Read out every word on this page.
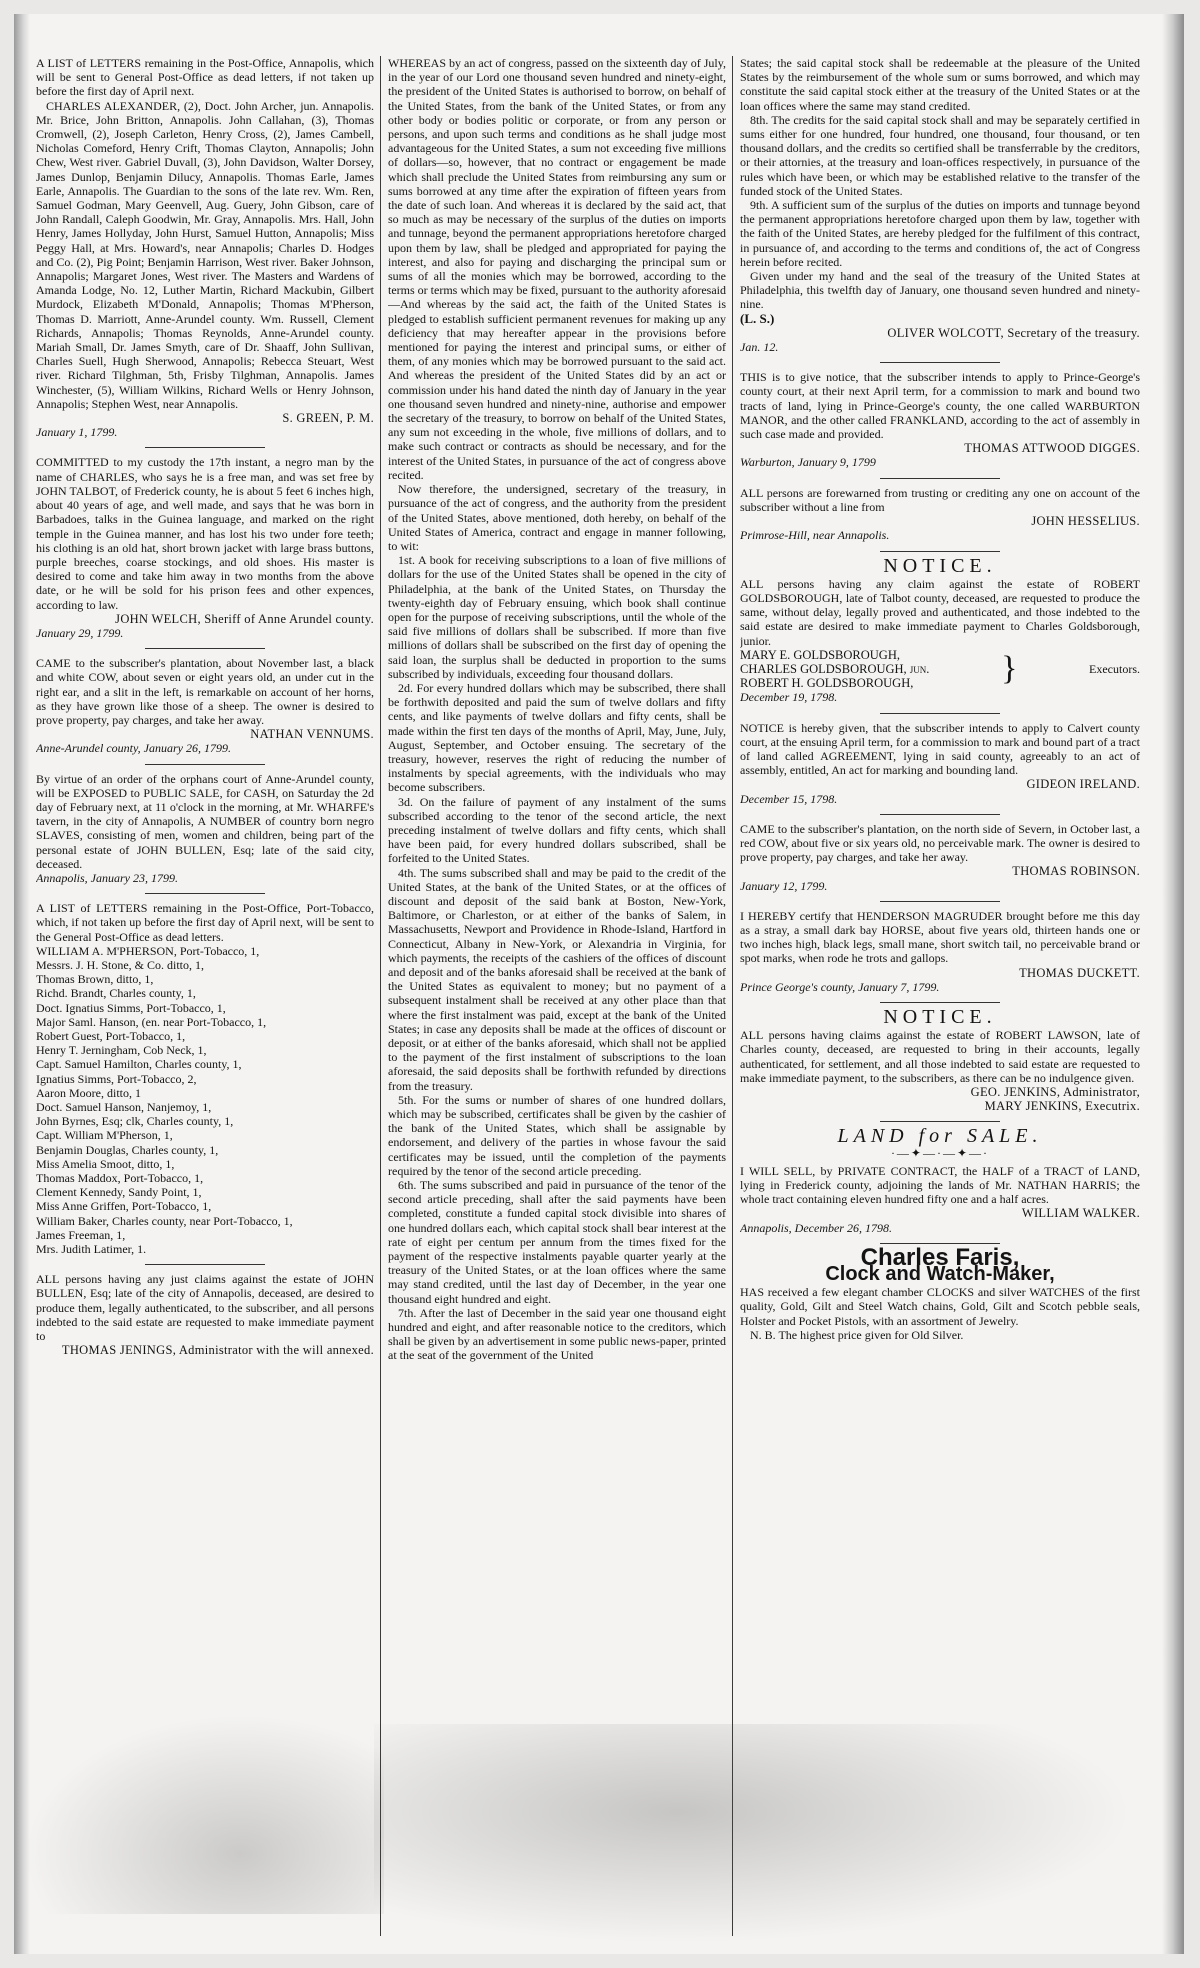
A LIST of LETTERS remaining in the Post-Office, Annapolis, which will be sent to General Post-Office as dead letters, if not taken up before the first day of April next.

CHARLES ALEXANDER, (2), Doct. John Archer, jun. Annapolis. Mr. Brice, John Britton, Annapolis. John Callahan, (3), Thomas Cromwell, (2), Joseph Carleton, Henry Cross, (2), James Cambell, Nicholas Comeford, Henry Crift, Thomas Clayton, Annapolis; John Chew, West river. Gabriel Duvall, (3), John Davidson, Walter Dorsey, James Dunlop, Benjamin Dilucy, Annapolis. Thomas Earle, James Earle, Annapolis. The Guardian to the sons of the late rev. Wm. Ren, Samuel Godman, Mary Geenvell, Aug. Guery, John Gibson, care of John Randall, Caleph Goodwin, Mr. Gray, Annapolis. Mrs. Hall, John Henry, James Hollyday, John Hurst, Samuel Hutton, Annapolis; Miss Peggy Hall, at Mrs. Howard's, near Annapolis; Charles D. Hodges and Co. (2), Pig Point; Benjamin Harrison, West river. Baker Johnson, Annapolis; Margaret Jones, West river. The Masters and Wardens of Amanda Lodge, No. 12, Luther Martin, Richard Mackubin, Gilbert Murdock, Elizabeth M'Donald, Annapolis; Thomas M'Pherson, Thomas D. Marriott, Anne-Arundel county. Wm. Russell, Clement Richards, Annapolis; Thomas Reynolds, Anne-Arundel county. Mariah Small, Dr. James Smyth, care of Dr. Shaaff, John Sullivan, Charles Suell, Hugh Sherwood, Annapolis; Rebecca Steuart, West river. Richard Tilghman, 5th, Frisby Tilghman, Annapolis. James Winchester, (5), William Wilkins, Richard Wells or Henry Johnson, Annapolis; Stephen West, near Annapolis.

S. GREEN, P. M.

January 1, 1799.

COMMITTED to my custody the 17th instant, a negro man by the name of CHARLES, who says he is a free man, and was set free by JOHN TALBOT, of Frederick county, he is about 5 feet 6 inches high, about 40 years of age, and well made, and says that he was born in Barbadoes, talks in the Guinea language, and marked on the right temple in the Guinea manner, and has lost his two under fore teeth; his clothing is an old hat, short brown jacket with large brass buttons, purple breeches, coarse stockings, and old shoes. His master is desired to come and take him away in two months from the above date, or he will be sold for his prison fees and other expences, according to law.

JOHN WELCH, Sheriff of Anne Arundel county.

January 29, 1799.

CAME to the subscriber's plantation, about November last, a black and white COW, about seven or eight years old, an under cut in the right ear, and a slit in the left, is remarkable on account of her horns, as they have grown like those of a sheep. The owner is desired to prove property, pay charges, and take her away.

NATHAN VENNUMS.

Anne-Arundel county, January 26, 1799.

By virtue of an order of the orphans court of Anne-Arundel county, will be EXPOSED to PUBLIC SALE, for CASH, on Saturday the 2d day of February next, at 11 o'clock in the morning, at Mr. WHARFE's tavern, in the city of Annapolis, A NUMBER of country born negro SLAVES, consisting of men, women and children, being part of the personal estate of JOHN BULLEN, Esq; late of the said city, deceased.

Annapolis, January 23, 1799.

A LIST of LETTERS remaining in the Post-Office, Port-Tobacco, which, if not taken up before the first day of April next, will be sent to the General Post-Office as dead letters.

WILLIAM A. M'PHERSON, Port-Tobacco, 1,

Messrs. J. H. Stone, & Co. ditto, 1,

Thomas Brown, ditto, 1,

Richd. Brandt, Charles county, 1,

Doct. Ignatius Simms, Port-Tobacco, 1,

Major Saml. Hanson, (en. near Port-Tobacco, 1,

Robert Guest, Port-Tobacco, 1,

Henry T. Jerningham, Cob Neck, 1,

Capt. Samuel Hamilton, Charles county, 1,

Ignatius Simms, Port-Tobacco, 2,

Aaron Moore, ditto, 1

Doct. Samuel Hanson, Nanjemoy, 1,

John Byrnes, Esq; clk, Charles county, 1,

Capt. William M'Pherson, 1,

Benjamin Douglas, Charles county, 1,

Miss Amelia Smoot, ditto, 1,

Thomas Maddox, Port-Tobacco, 1,

Clement Kennedy, Sandy Point, 1,

Miss Anne Griffen, Port-Tobacco, 1,

William Baker, Charles county, near Port-Tobacco, 1,

James Freeman, 1,

Mrs. Judith Latimer, 1.

ALL persons having any just claims against the estate of JOHN BULLEN, Esq; late of the city of Annapolis, deceased, are desired to produce them, legally authenticated, to the subscriber, and all persons indebted to the said estate are requested to make immediate payment to

THOMAS JENINGS, Administrator with the will annexed.

WHEREAS by an act of congress, passed on the sixteenth day of July, in the year of our Lord one thousand seven hundred and ninety-eight, the president of the United States is authorised to borrow, on behalf of the United States, from the bank of the United States, or from any other body or bodies politic or corporate, or from any person or persons, and upon such terms and conditions as he shall judge most advantageous for the United States, a sum not exceeding five millions of dollars—so, however, that no contract or engagement be made which shall preclude the United States from reimbursing any sum or sums borrowed at any time after the expiration of fifteen years from the date of such loan. And whereas it is declared by the said act, that so much as may be necessary of the surplus of the duties on imports and tunnage, beyond the permanent appropriations heretofore charged upon them by law, shall be pledged and appropriated for paying the interest, and also for paying and discharging the principal sum or sums of all the monies which may be borrowed, according to the terms or terms which may be fixed, pursuant to the authority aforesaid—And whereas by the said act, the faith of the United States is pledged to establish sufficient permanent revenues for making up any deficiency that may hereafter appear in the provisions before mentioned for paying the interest and principal sums, or either of them, of any monies which may be borrowed pursuant to the said act. And whereas the president of the United States did by an act or commission under his hand dated the ninth day of January in the year one thousand seven hundred and ninety-nine, authorise and empower the secretary of the treasury, to borrow on behalf of the United States, any sum not exceeding in the whole, five millions of dollars, and to make such contract or contracts as should be necessary, and for the interest of the United States, in pursuance of the act of congress above recited.

Now therefore, the undersigned, secretary of the treasury, in pursuance of the act of congress, and the authority from the president of the United States, above mentioned, doth hereby, on behalf of the United States of America, contract and engage in manner following, to wit:

1st. A book for receiving subscriptions to a loan of five millions of dollars for the use of the United States shall be opened in the city of Philadelphia, at the bank of the United States, on Thursday the twenty-eighth day of February ensuing, which book shall continue open for the purpose of receiving subscriptions, until the whole of the said five millions of dollars shall be subscribed. If more than five millions of dollars shall be subscribed on the first day of opening the said loan, the surplus shall be deducted in proportion to the sums subscribed by individuals, exceeding four thousand dollars.

2d. For every hundred dollars which may be subscribed, there shall be forthwith deposited and paid the sum of twelve dollars and fifty cents, and like payments of twelve dollars and fifty cents, shall be made within the first ten days of the months of April, May, June, July, August, September, and October ensuing. The secretary of the treasury, however, reserves the right of reducing the number of instalments by special agreements, with the individuals who may become subscribers.

3d. On the failure of payment of any instalment of the sums subscribed according to the tenor of the second article, the next preceding instalment of twelve dollars and fifty cents, which shall have been paid, for every hundred dollars subscribed, shall be forfeited to the United States.

4th. The sums subscribed shall and may be paid to the credit of the United States, at the bank of the United States, or at the offices of discount and deposit of the said bank at Boston, New-York, Baltimore, or Charleston, or at either of the banks of Salem, in Massachusetts, Newport and Providence in Rhode-Island, Hartford in Connecticut, Albany in New-York, or Alexandria in Virginia, for which payments, the receipts of the cashiers of the offices of discount and deposit and of the banks aforesaid shall be received at the bank of the United States as equivalent to money; but no payment of a subsequent instalment shall be received at any other place than that where the first instalment was paid, except at the bank of the United States; in case any deposits shall be made at the offices of discount or deposit, or at either of the banks aforesaid, which shall not be applied to the payment of the first instalment of subscriptions to the loan aforesaid, the said deposits shall be forthwith refunded by directions from the treasury.

5th. For the sums or number of shares of one hundred dollars, which may be subscribed, certificates shall be given by the cashier of the bank of the United States, which shall be assignable by endorsement, and delivery of the parties in whose favour the said certificates may be issued, until the completion of the payments required by the tenor of the second article preceding.

6th. The sums subscribed and paid in pursuance of the tenor of the second article preceding, shall after the said payments have been completed, constitute a funded capital stock divisible into shares of one hundred dollars each, which capital stock shall bear interest at the rate of eight per centum per annum from the times fixed for the payment of the respective instalments payable quarter yearly at the treasury of the United States, or at the loan offices where the same may stand credited, until the last day of December, in the year one thousand eight hundred and eight.

7th. After the last of December in the said year one thousand eight hundred and eight, and after reasonable notice to the creditors, which shall be given by an advertisement in some public news-paper, printed at the seat of the government of the United

States; the said capital stock shall be redeemable at the pleasure of the United States by the reimbursement of the whole sum or sums borrowed, and which may constitute the said capital stock either at the treasury of the United States or at the loan offices where the same may stand credited.

8th. The credits for the said capital stock shall and may be separately certified in sums either for one hundred, four hundred, one thousand, four thousand, or ten thousand dollars, and the credits so certified shall be transferrable by the creditors, or their attornies, at the treasury and loan-offices respectively, in pursuance of the rules which have been, or which may be established relative to the transfer of the funded stock of the United States.

9th. A sufficient sum of the surplus of the duties on imports and tunnage beyond the permanent appropriations heretofore charged upon them by law, together with the faith of the United States, are hereby pledged for the fulfilment of this contract, in pursuance of, and according to the terms and conditions of, the act of Congress herein before recited.

Given under my hand and the seal of the treasury of the United States at Philadelphia, this twelfth day of January, one thousand seven hundred and ninety-nine.

(L. S.)

OLIVER WOLCOTT, Secretary of the treasury.

Jan. 12.

THIS is to give notice, that the subscriber intends to apply to Prince-George's county court, at their next April term, for a commission to mark and bound two tracts of land, lying in Prince-George's county, the one called WARBURTON MANOR, and the other called FRANKLAND, according to the act of assembly in such case made and provided.

THOMAS ATTWOOD DIGGES.

Warburton, January 9, 1799

ALL persons are forewarned from trusting or crediting any one on account of the subscriber without a line from

JOHN HESSELIUS.

Primrose-Hill, near Annapolis.

NOTICE.

ALL persons having any claim against the estate of ROBERT GOLDSBOROUGH, late of Talbot county, deceased, are requested to produce the same, without delay, legally proved and authenticated, and those indebted to the said estate are desired to make immediate payment to Charles Goldsborough, junior.

MARY E. GOLDSBOROUGH,
CHARLES GOLDSBOROUGH, jun.
ROBERT H. GOLDSBOROUGH,	}	Executors.

December 19, 1798.

NOTICE is hereby given, that the subscriber intends to apply to Calvert county court, at the ensuing April term, for a commission to mark and bound part of a tract of land called AGREEMENT, lying in said county, agreeably to an act of assembly, entitled, An act for marking and bounding land.

GIDEON IRELAND.

December 15, 1798.

CAME to the subscriber's plantation, on the north side of Severn, in October last, a red COW, about five or six years old, no perceivable mark. The owner is desired to prove property, pay charges, and take her away.

THOMAS ROBINSON.

January 12, 1799.

I HEREBY certify that HENDERSON MAGRUDER brought before me this day as a stray, a small dark bay HORSE, about five years old, thirteen hands one or two inches high, black legs, small mane, short switch tail, no perceivable brand or spot marks, when rode he trots and gallops.

THOMAS DUCKETT.

Prince George's county, January 7, 1799.

NOTICE.

ALL persons having claims against the estate of ROBERT LAWSON, late of Charles county, deceased, are requested to bring in their accounts, legally authenticated, for settlement, and all those indebted to said estate are requested to make immediate payment, to the subscribers, as there can be no indulgence given.

GEO. JENKINS, Administrator,

MARY JENKINS, Executrix.

LAND for SALE.
·—✦—·—✦—·

I WILL SELL, by PRIVATE CONTRACT, the HALF of a TRACT of LAND, lying in Frederick county, adjoining the lands of Mr. NATHAN HARRIS; the whole tract containing eleven hundred fifty one and a half acres.

WILLIAM WALKER.

Annapolis, December 26, 1798.

Charles Faris,
Clock and Watch-Maker,

HAS received a few elegant chamber CLOCKS and silver WATCHES of the first quality, Gold, Gilt and Steel Watch chains, Gold, Gilt and Scotch pebble seals, Holster and Pocket Pistols, with an assortment of Jewelry.

N. B. The highest price given for Old Silver.
